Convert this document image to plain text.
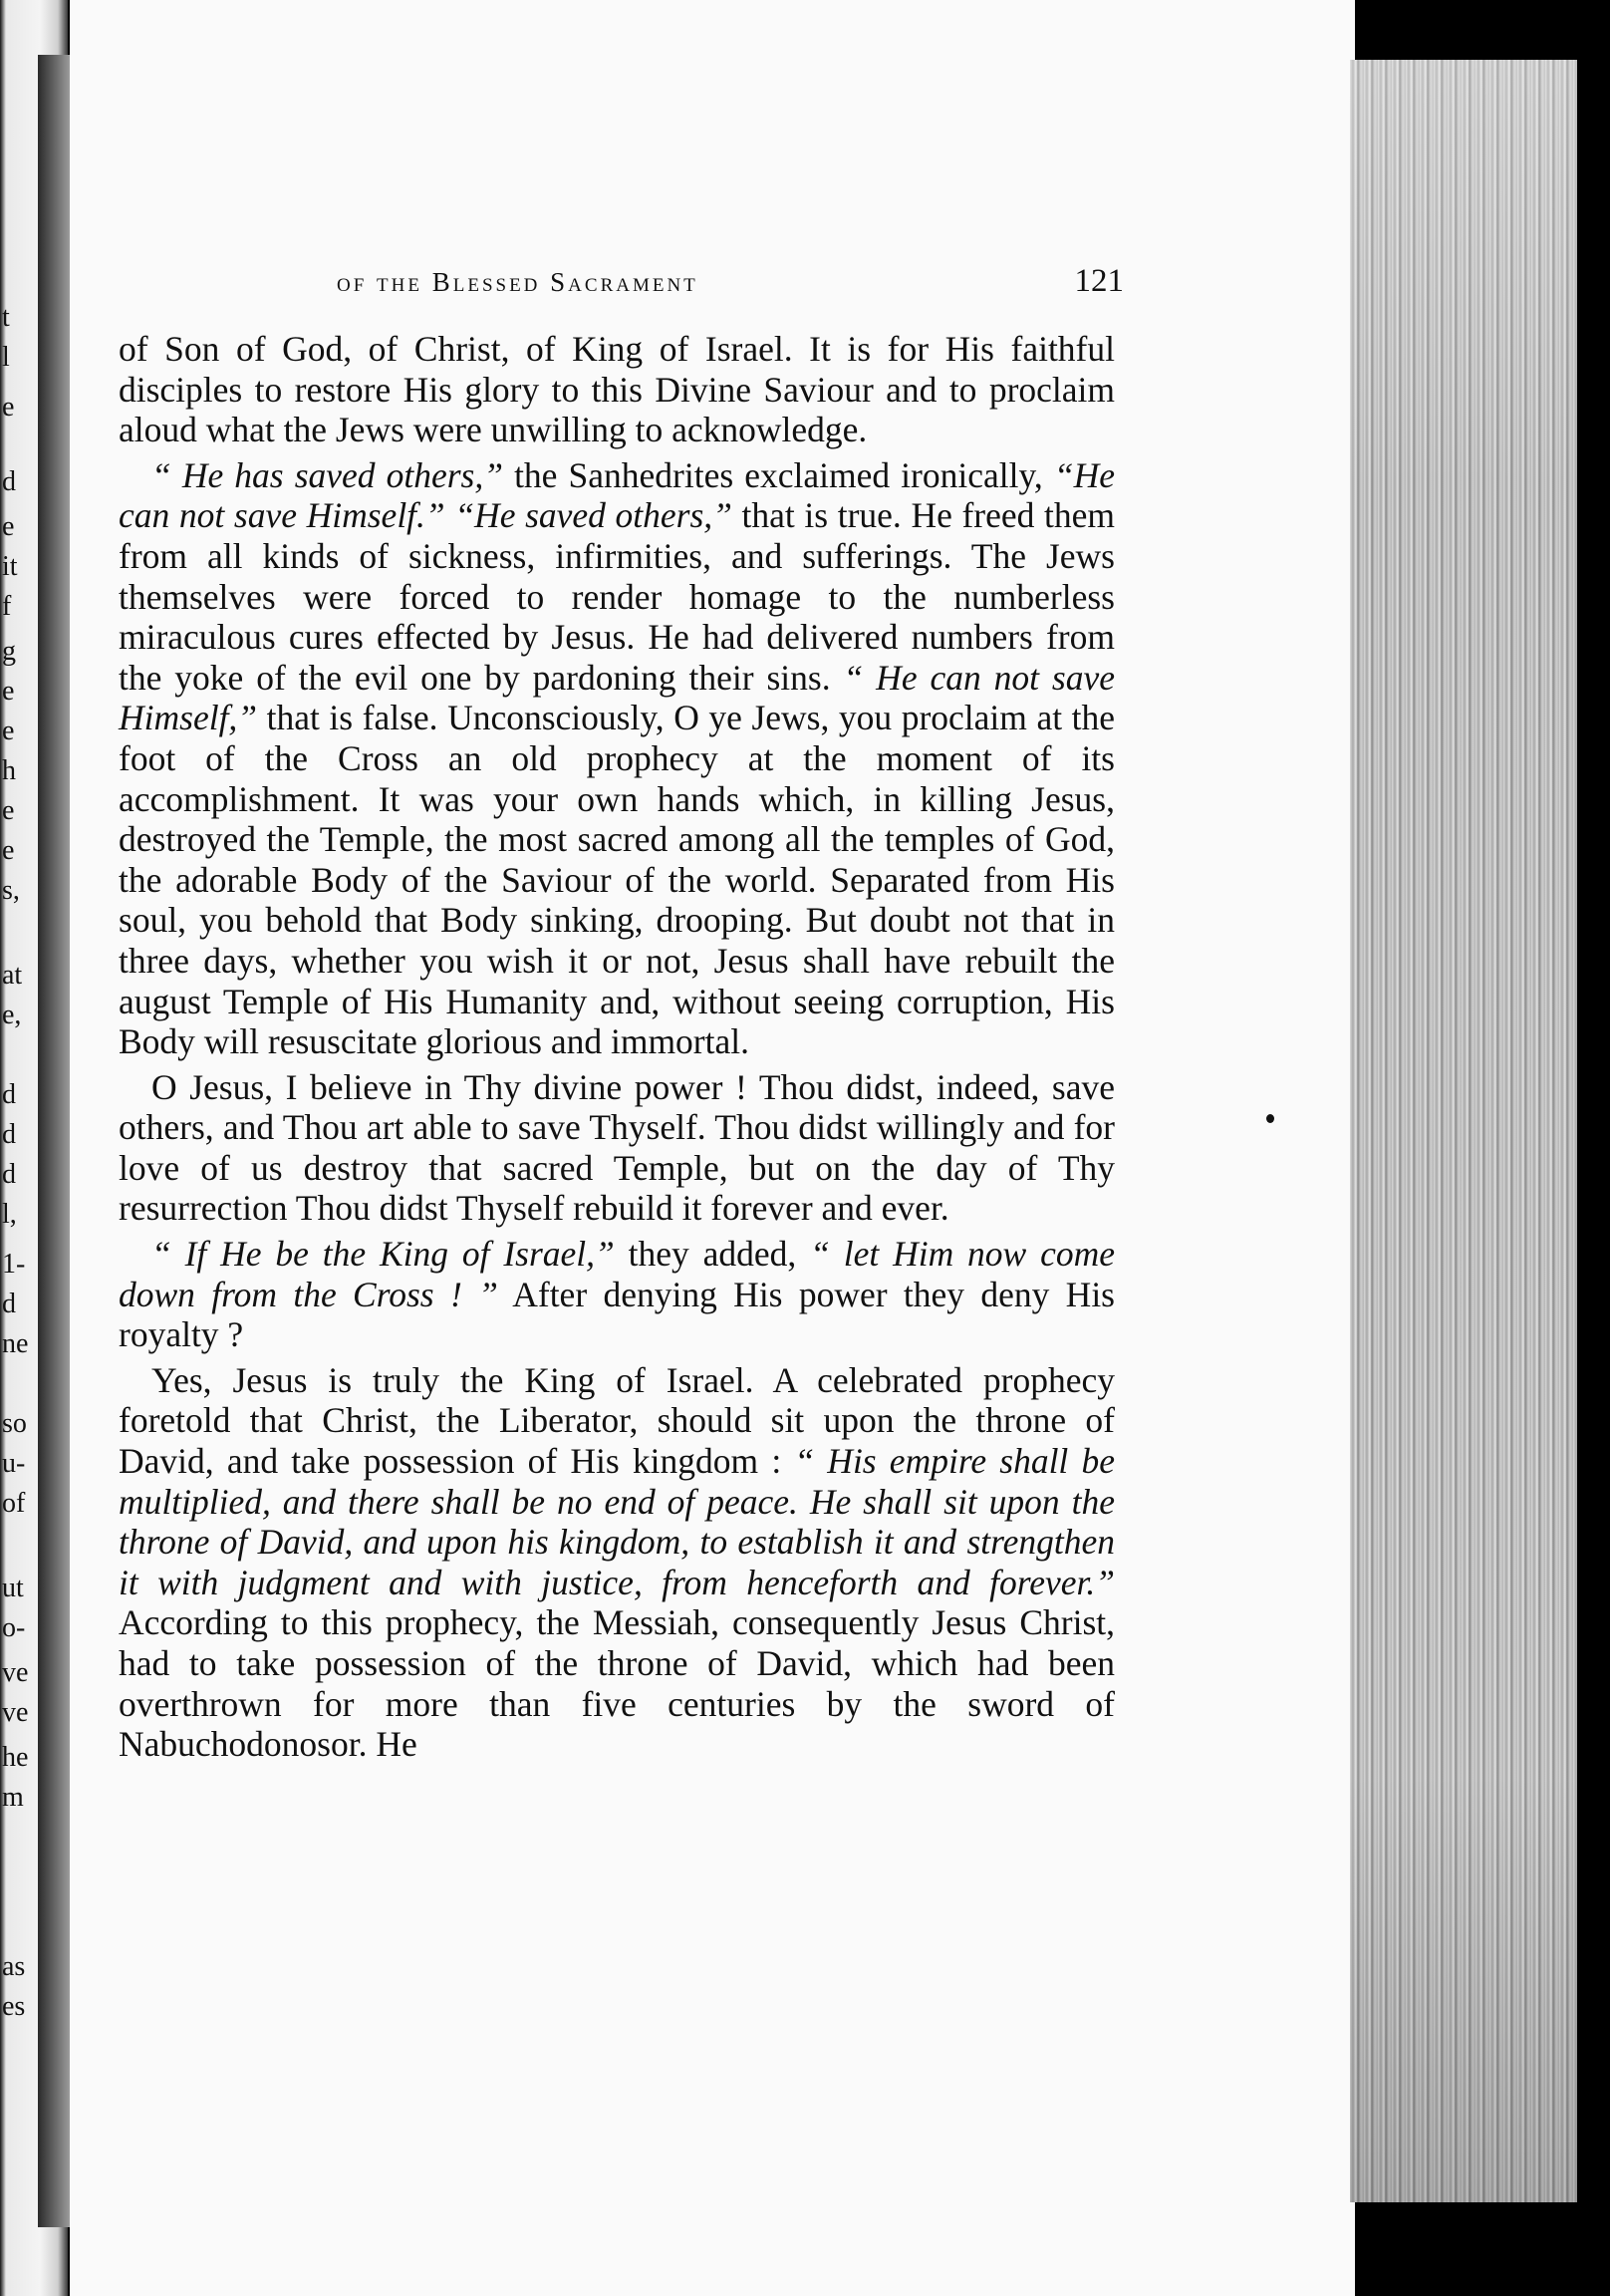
t
l
e
d
e
it
f
g
e
e
h
e
e
s,
at
e,
d
d
d
l,
1-
d
ne
so
u-
of
ut
o-
ve
ve
he
m
as
es
of the Blessed Sacrament	121

of Son of God, of Christ, of King of Israel. It is for His faithful disciples to restore His glory to this Divine Saviour and to proclaim aloud what the Jews were unwilling to acknowledge.

“ He has saved others,” the Sanhedrites exclaimed ironically, “He can not save Himself.” “He saved others,” that is true. He freed them from all kinds of sickness, infirmities, and sufferings. The Jews themselves were forced to render homage to the numberless miraculous cures effected by Jesus. He had delivered numbers from the yoke of the evil one by pardoning their sins. “ He can not save Himself,” that is false. Unconsciously, O ye Jews, you proclaim at the foot of the Cross an old prophecy at the moment of its accomplishment. It was your own hands which, in killing Jesus, destroyed the Temple, the most sacred among all the temples of God, the adorable Body of the Saviour of the world. Separated from His soul, you behold that Body sinking, drooping. But doubt not that in three days, whether you wish it or not, Jesus shall have rebuilt the august Temple of His Humanity and, without seeing corruption, His Body will resuscitate glorious and immortal.

O Jesus, I believe in Thy divine power ! Thou didst, indeed, save others, and Thou art able to save Thyself. Thou didst willingly and for love of us destroy that sacred Temple, but on the day of Thy resurrection Thou didst Thyself rebuild it forever and ever.

“ If He be the King of Israel,” they added, “ let Him now come down from the Cross ! ” After denying His power they deny His royalty ?

Yes, Jesus is truly the King of Israel. A celebrated prophecy foretold that Christ, the Liberator, should sit upon the throne of David, and take possession of His kingdom : “ His empire shall be multiplied, and there shall be no end of peace. He shall sit upon the throne of David, and upon his kingdom, to establish it and strengthen it with judgment and with justice, from henceforth and forever.” According to this prophecy, the Messiah, consequently Jesus Christ, had to take possession of the throne of David, which had been overthrown for more than five centuries by the sword of Nabuchodonosor. He
